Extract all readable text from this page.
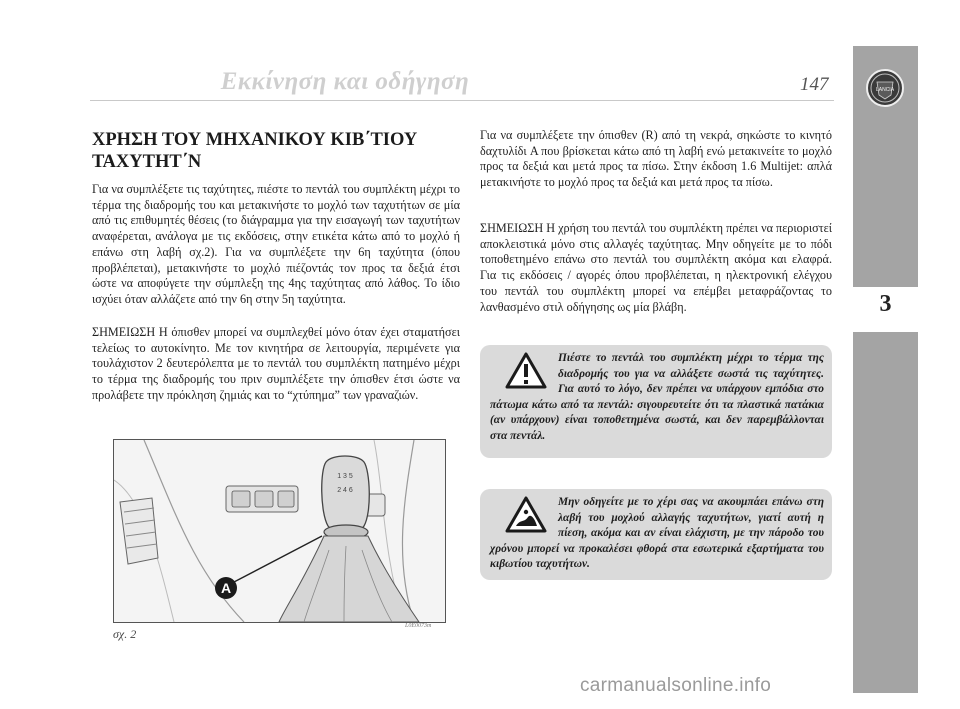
Εκκίνηση και οδήγηση	147	LANCIA
3
ΧΡΗΣΗ ΤΟΥ ΜΗΧΑΝΙΚΟΥ ΚΙΒ΄ΤΙΟΥ ΤΑΧΥΤΗΤ΄Ν

Για να συμπλέξετε τις ταχύτητες, πιέστε το πεντάλ του συμπλέκτη μέχρι το τέρμα της διαδρομής του και μετακινήστε το μοχλό των ταχυτήτων σε μία από τις επιθυμητές θέσεις (το διάγραμμα για την εισαγωγή των ταχυτήτων αναφέρεται, ανάλογα με τις εκδόσεις, στην ετικέτα κάτω από το μοχλό ή επάνω στη λαβή σχ.2). Για να συμπλέξετε την 6η ταχύτητα (όπου προβλέπεται), μετακινήστε το μοχλό πιέζοντάς τον προς τα δεξιά έτσι ώστε να αποφύγετε την σύμπλεξη της 4ης ταχύτητας από λάθος. Το ίδιο ισχύει όταν αλλάζετε από την 6η στην 5η ταχύτητα.

ΣΗΜΕΙΩΣΗ Η όπισθεν μπορεί να συμπλεχθεί μόνο όταν έχει σταματήσει τελείως το αυτοκίνητο. Με τον κινητήρα σε λειτουργία, περιμένετε για τουλάχιστον 2 δευτερόλεπτα με το πεντάλ του συμπλέκτη πατημένο μέχρι το τέρμα της διαδρομής του πριν συμπλέξετε την όπισθεν έτσι ώστε να προλάβετε την πρόκληση ζημιάς και το “χτύπημα” των γραναζιών.

1 3 5
2 4 6
A
L0E0073m
σχ. 2

Για να συμπλέξετε την όπισθεν (R) από τη νεκρά, σηκώστε το κινητό δαχτυλίδι A που βρίσκεται κάτω από τη λαβή ενώ μετακινείτε το μοχλό προς τα δεξιά και μετά προς τα πίσω. Στην έκδοση 1.6 Multijet: απλά μετακινήστε το μοχλό προς τα δεξιά και μετά προς τα πίσω.

ΣΗΜΕΙΩΣΗ Η χρήση του πεντάλ του συμπλέκτη πρέπει να περιοριστεί αποκλειστικά μόνο στις αλλαγές ταχύτητας. Μην οδηγείτε με το πόδι τοποθετημένο επάνω στο πεντάλ του συμπλέκτη ακόμα και ελαφρά. Για τις εκδόσεις / αγορές όπου προβλέπεται, η ηλεκτρονική ελέγχου του πεντάλ του συμπλέκτη μπορεί να επέμβει μεταφράζοντας το λανθασμένο στιλ οδήγησης ως μία βλάβη.

Πιέστε το πεντάλ του συμπλέκτη μέχρι το τέρμα της διαδρομής του για να αλλάξετε σωστά τις ταχύτητες. Για αυτό το λόγο, δεν πρέπει να υπάρχουν εμπόδια στο πάτωμα κάτω από τα πεντάλ: σιγουρευτείτε ότι τα πλαστικά πατάκια (αν υπάρχουν) είναι τοποθετημένα σωστά, και δεν παρεμβάλλονται στα πεντάλ.
Μην οδηγείτε με το χέρι σας να ακουμπάει επάνω στη λαβή του μοχλού αλλαγής ταχυτήτων, γιατί αυτή η πίεση, ακόμα και αν είναι ελάχιστη, με την πάροδο του χρόνου μπορεί να προκαλέσει φθορά στα εσωτερικά εξαρτήματα του κιβωτίου ταχυτήτων.
carmanualsonline.info
